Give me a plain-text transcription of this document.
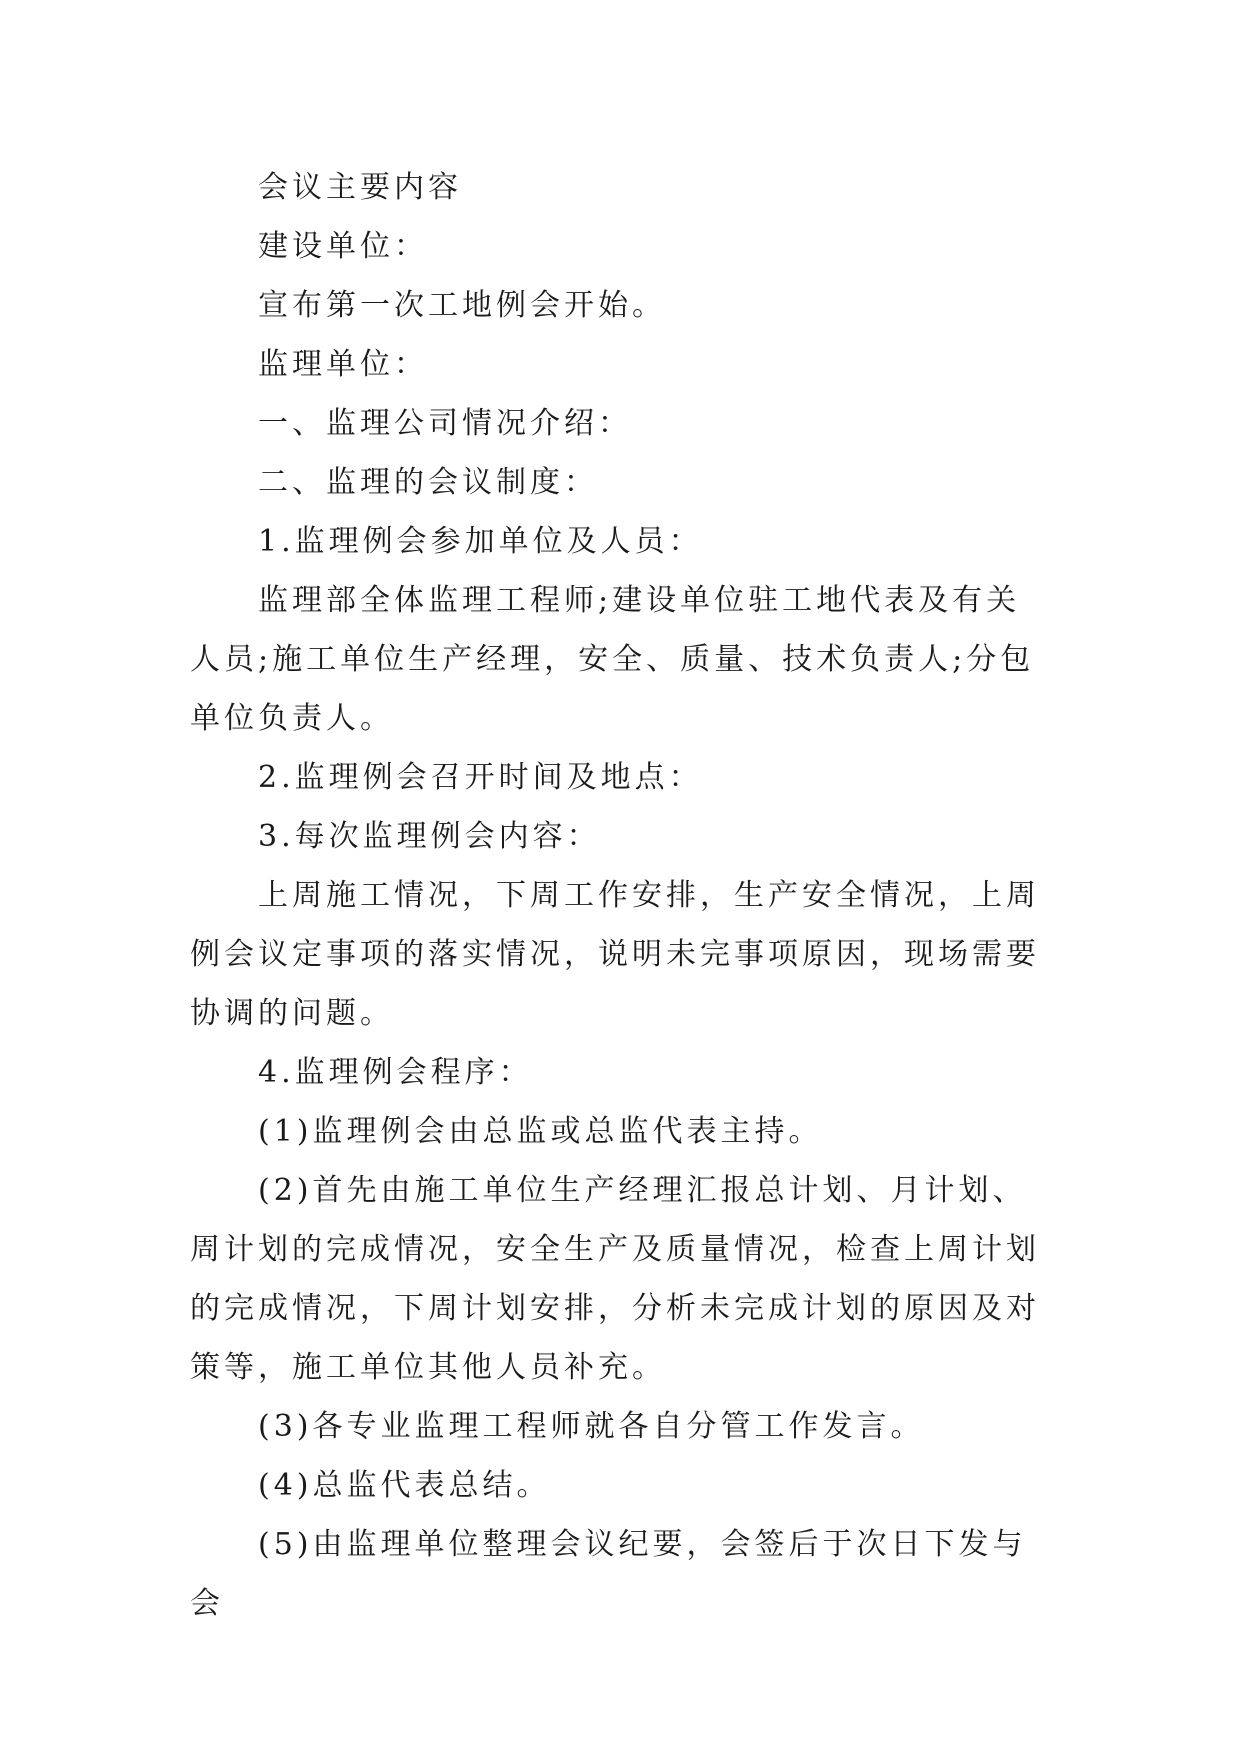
会议主要内容

建设单位：

宣布第一次工地例会开始。

监理单位：

一、监理公司情况介绍：

二、监理的会议制度：

1.监理例会参加单位及人员：

监理部全体监理工程师;建设单位驻工地代表及有关人员;施工单位生产经理，安全、质量、技术负责人;分包单位负责人。

2.监理例会召开时间及地点：

3.每次监理例会内容：

上周施工情况，下周工作安排，生产安全情况，上周例会议定事项的落实情况，说明未完事项原因，现场需要协调的问题。

4.监理例会程序：

(1)监理例会由总监或总监代表主持。

(2)首先由施工单位生产经理汇报总计划、月计划、周计划的完成情况，安全生产及质量情况，检查上周计划的完成情况，下周计划安排，分析未完成计划的原因及对策等，施工单位其他人员补充。

(3)各专业监理工程师就各自分管工作发言。

(4)总监代表总结。

(5)由监理单位整理会议纪要，会签后于次日下发与会
